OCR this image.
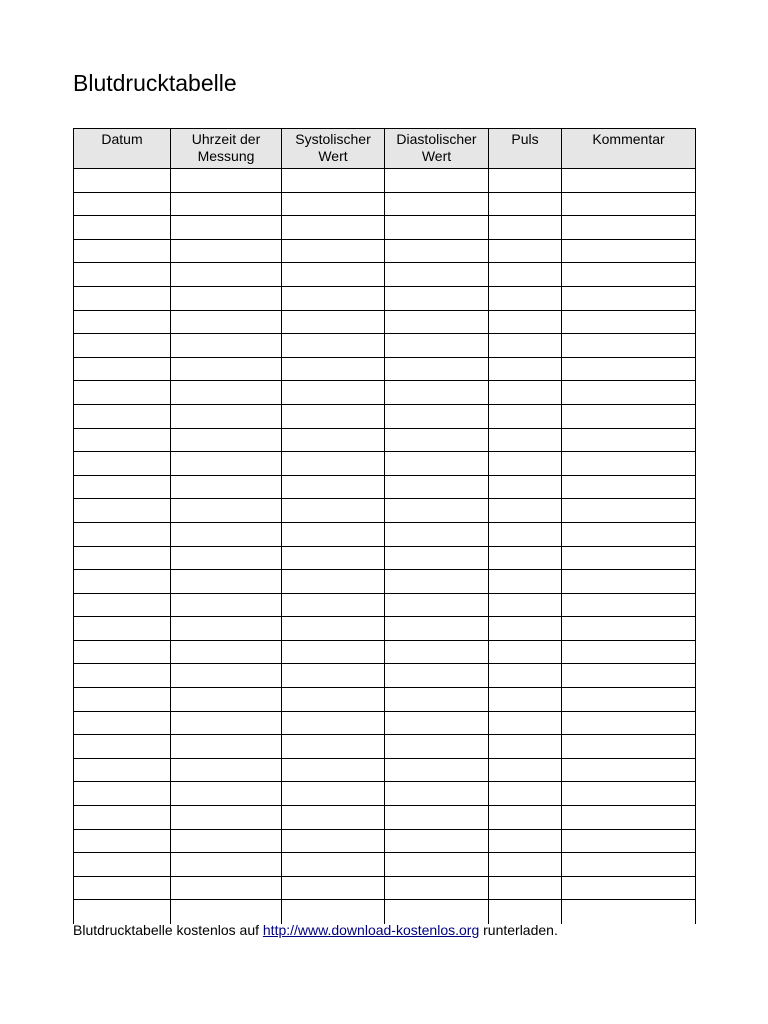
Blutdrucktabelle
Datum	Uhrzeit der Messung	Systolischer Wert	Diastolischer Wert	Puls	Kommentar

Blutdrucktabelle kostenlos auf http://www.download-kostenlos.org runterladen.
